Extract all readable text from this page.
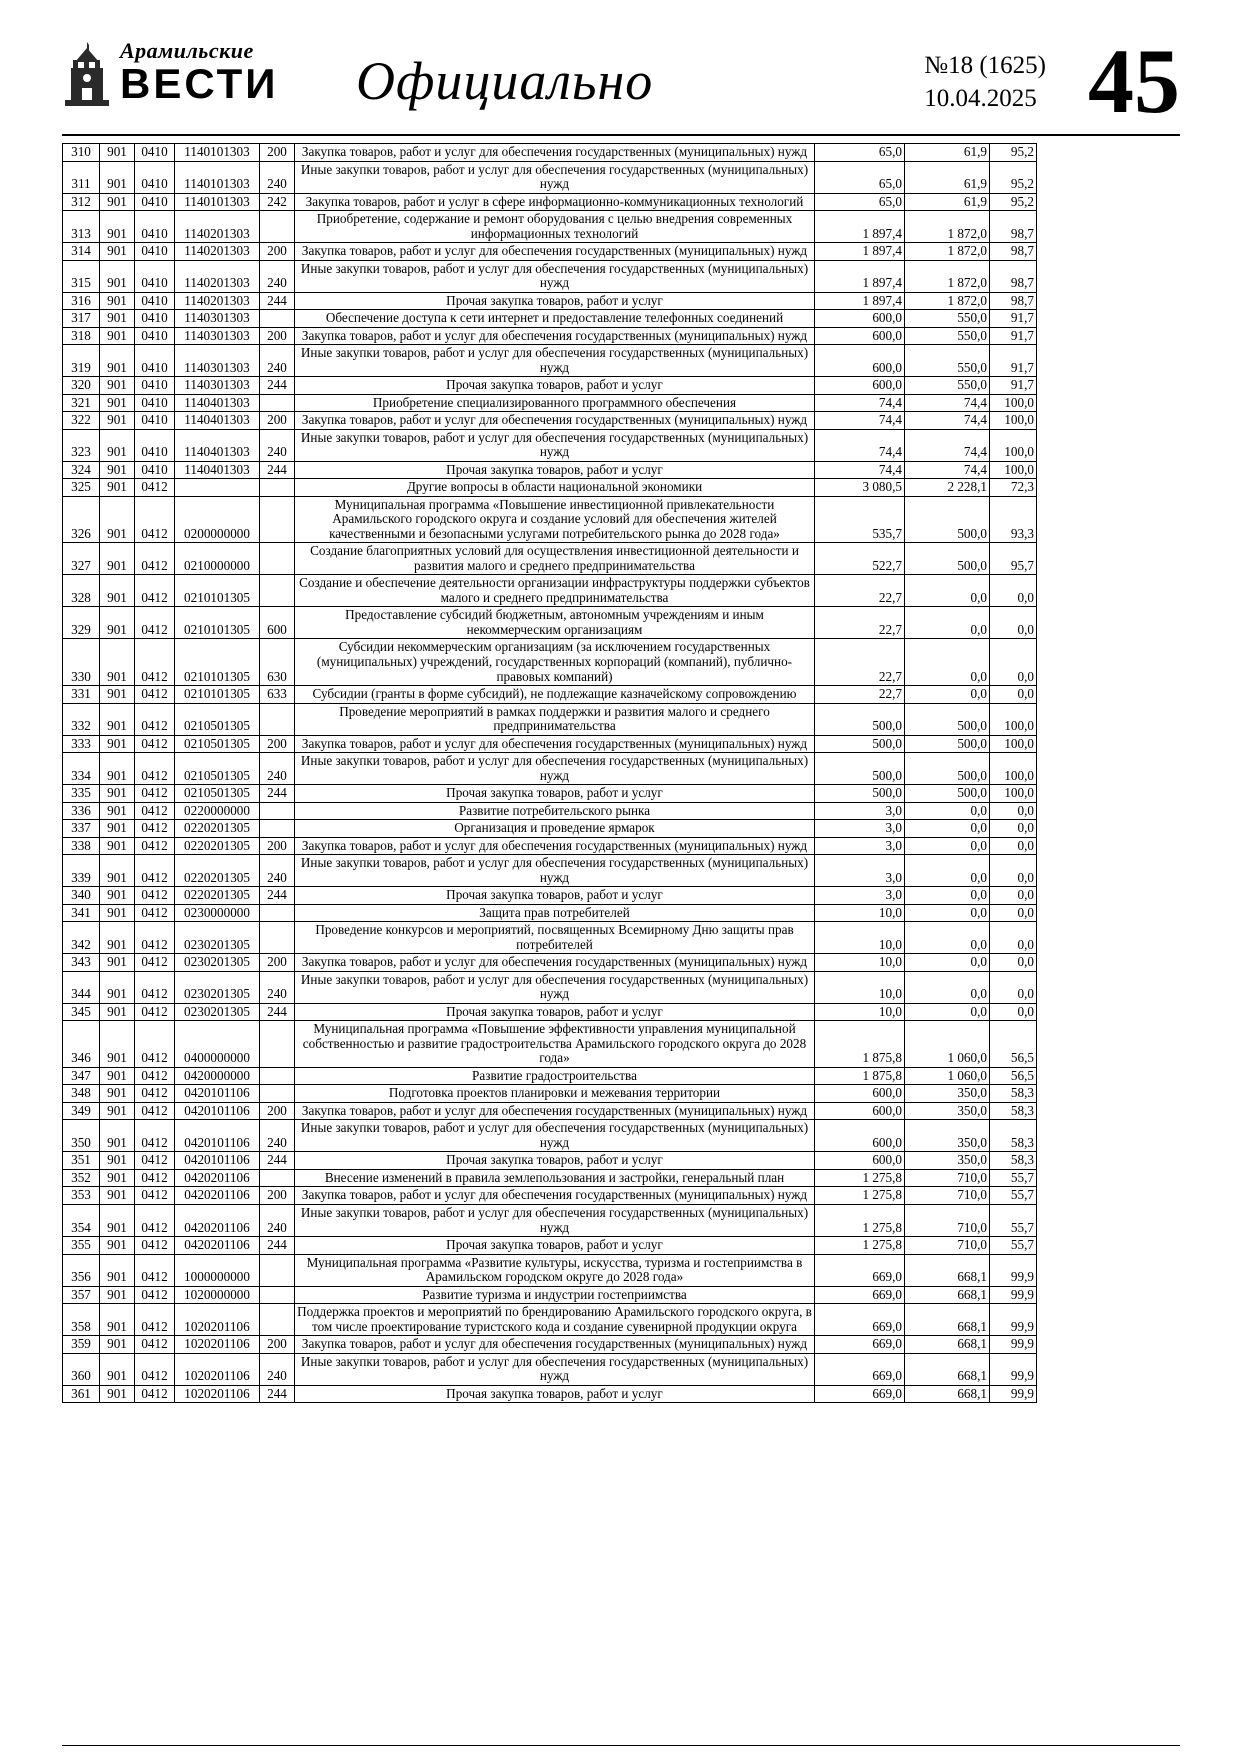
Арамильские
ВЕСТИ Официально	№18 (1625)
10.04.2025 45
310	901	0410	1140101303	200	Закупка товаров, работ и услуг для обеспечения государственных (муниципальных) нужд	65,0	61,9	95,2
311	901	0410	1140101303	240	Иные закупки товаров, работ и услуг для обеспечения государственных (муниципальных) нужд	65,0	61,9	95,2
312	901	0410	1140101303	242	Закупка товаров, работ и услуг в сфере информационно-коммуникационных технологий	65,0	61,9	95,2
313	901	0410	1140201303		Приобретение, содержание и ремонт оборудования с целью внедрения современных информационных технологий	1 897,4	1 872,0	98,7
314	901	0410	1140201303	200	Закупка товаров, работ и услуг для обеспечения государственных (муниципальных) нужд	1 897,4	1 872,0	98,7
315	901	0410	1140201303	240	Иные закупки товаров, работ и услуг для обеспечения государственных (муниципальных) нужд	1 897,4	1 872,0	98,7
316	901	0410	1140201303	244	Прочая закупка товаров, работ и услуг	1 897,4	1 872,0	98,7
317	901	0410	1140301303		Обеспечение доступа к сети интернет и предоставление телефонных соединений	600,0	550,0	91,7
318	901	0410	1140301303	200	Закупка товаров, работ и услуг для обеспечения государственных (муниципальных) нужд	600,0	550,0	91,7
319	901	0410	1140301303	240	Иные закупки товаров, работ и услуг для обеспечения государственных (муниципальных) нужд	600,0	550,0	91,7
320	901	0410	1140301303	244	Прочая закупка товаров, работ и услуг	600,0	550,0	91,7
321	901	0410	1140401303		Приобретение специализированного программного обеспечения	74,4	74,4	100,0
322	901	0410	1140401303	200	Закупка товаров, работ и услуг для обеспечения государственных (муниципальных) нужд	74,4	74,4	100,0
323	901	0410	1140401303	240	Иные закупки товаров, работ и услуг для обеспечения государственных (муниципальных) нужд	74,4	74,4	100,0
324	901	0410	1140401303	244	Прочая закупка товаров, работ и услуг	74,4	74,4	100,0
325	901	0412			Другие вопросы в области национальной экономики	3 080,5	2 228,1	72,3
326	901	0412	0200000000		Муниципальная программа «Повышение инвестиционной привлекательности Арамильского городского округа и создание условий для обеспечения жителей качественными и безопасными услугами потребительского рынка до 2028 года»	535,7	500,0	93,3
327	901	0412	0210000000		Создание благоприятных условий для осуществления инвестиционной деятельности и развития малого и среднего предпринимательства	522,7	500,0	95,7
328	901	0412	0210101305		Создание и обеспечение деятельности организации инфраструктуры поддержки субъектов малого и среднего предпринимательства	22,7	0,0	0,0
329	901	0412	0210101305	600	Предоставление субсидий бюджетным, автономным учреждениям и иным некоммерческим организациям	22,7	0,0	0,0
330	901	0412	0210101305	630	Субсидии некоммерческим организациям (за исключением государственных (муниципальных) учреждений, государственных корпораций (компаний), публично-правовых компаний)	22,7	0,0	0,0
331	901	0412	0210101305	633	Субсидии (гранты в форме субсидий), не подлежащие казначейскому сопровождению	22,7	0,0	0,0
332	901	0412	0210501305		Проведение мероприятий в рамках поддержки и развития малого и среднего предпринимательства	500,0	500,0	100,0
333	901	0412	0210501305	200	Закупка товаров, работ и услуг для обеспечения государственных (муниципальных) нужд	500,0	500,0	100,0
334	901	0412	0210501305	240	Иные закупки товаров, работ и услуг для обеспечения государственных (муниципальных) нужд	500,0	500,0	100,0
335	901	0412	0210501305	244	Прочая закупка товаров, работ и услуг	500,0	500,0	100,0
336	901	0412	0220000000		Развитие потребительского рынка	3,0	0,0	0,0
337	901	0412	0220201305		Организация и проведение ярмарок	3,0	0,0	0,0
338	901	0412	0220201305	200	Закупка товаров, работ и услуг для обеспечения государственных (муниципальных) нужд	3,0	0,0	0,0
339	901	0412	0220201305	240	Иные закупки товаров, работ и услуг для обеспечения государственных (муниципальных) нужд	3,0	0,0	0,0
340	901	0412	0220201305	244	Прочая закупка товаров, работ и услуг	3,0	0,0	0,0
341	901	0412	0230000000		Защита прав потребителей	10,0	0,0	0,0
342	901	0412	0230201305		Проведение конкурсов и мероприятий, посвященных Всемирному Дню защиты прав потребителей	10,0	0,0	0,0
343	901	0412	0230201305	200	Закупка товаров, работ и услуг для обеспечения государственных (муниципальных) нужд	10,0	0,0	0,0
344	901	0412	0230201305	240	Иные закупки товаров, работ и услуг для обеспечения государственных (муниципальных) нужд	10,0	0,0	0,0
345	901	0412	0230201305	244	Прочая закупка товаров, работ и услуг	10,0	0,0	0,0
346	901	0412	0400000000		Муниципальная программа «Повышение эффективности управления муниципальной собственностью и развитие градостроительства Арамильского городского округа до 2028 года»	1 875,8	1 060,0	56,5
347	901	0412	0420000000		Развитие градостроительства	1 875,8	1 060,0	56,5
348	901	0412	0420101106		Подготовка проектов планировки и межевания территории	600,0	350,0	58,3
349	901	0412	0420101106	200	Закупка товаров, работ и услуг для обеспечения государственных (муниципальных) нужд	600,0	350,0	58,3
350	901	0412	0420101106	240	Иные закупки товаров, работ и услуг для обеспечения государственных (муниципальных) нужд	600,0	350,0	58,3
351	901	0412	0420101106	244	Прочая закупка товаров, работ и услуг	600,0	350,0	58,3
352	901	0412	0420201106		Внесение изменений в правила землепользования и застройки, генеральный план	1 275,8	710,0	55,7
353	901	0412	0420201106	200	Закупка товаров, работ и услуг для обеспечения государственных (муниципальных) нужд	1 275,8	710,0	55,7
354	901	0412	0420201106	240	Иные закупки товаров, работ и услуг для обеспечения государственных (муниципальных) нужд	1 275,8	710,0	55,7
355	901	0412	0420201106	244	Прочая закупка товаров, работ и услуг	1 275,8	710,0	55,7
356	901	0412	1000000000		Муниципальная программа «Развитие культуры, искусства, туризма и гостеприимства в Арамильском городском округе до 2028 года»	669,0	668,1	99,9
357	901	0412	1020000000		Развитие туризма и индустрии гостеприимства	669,0	668,1	99,9
358	901	0412	1020201106		Поддержка проектов и мероприятий по брендированию Арамильского городского округа, в том числе проектирование туристского кода и создание сувенирной продукции округа	669,0	668,1	99,9
359	901	0412	1020201106	200	Закупка товаров, работ и услуг для обеспечения государственных (муниципальных) нужд	669,0	668,1	99,9
360	901	0412	1020201106	240	Иные закупки товаров, работ и услуг для обеспечения государственных (муниципальных) нужд	669,0	668,1	99,9
361	901	0412	1020201106	244	Прочая закупка товаров, работ и услуг	669,0	668,1	99,9
